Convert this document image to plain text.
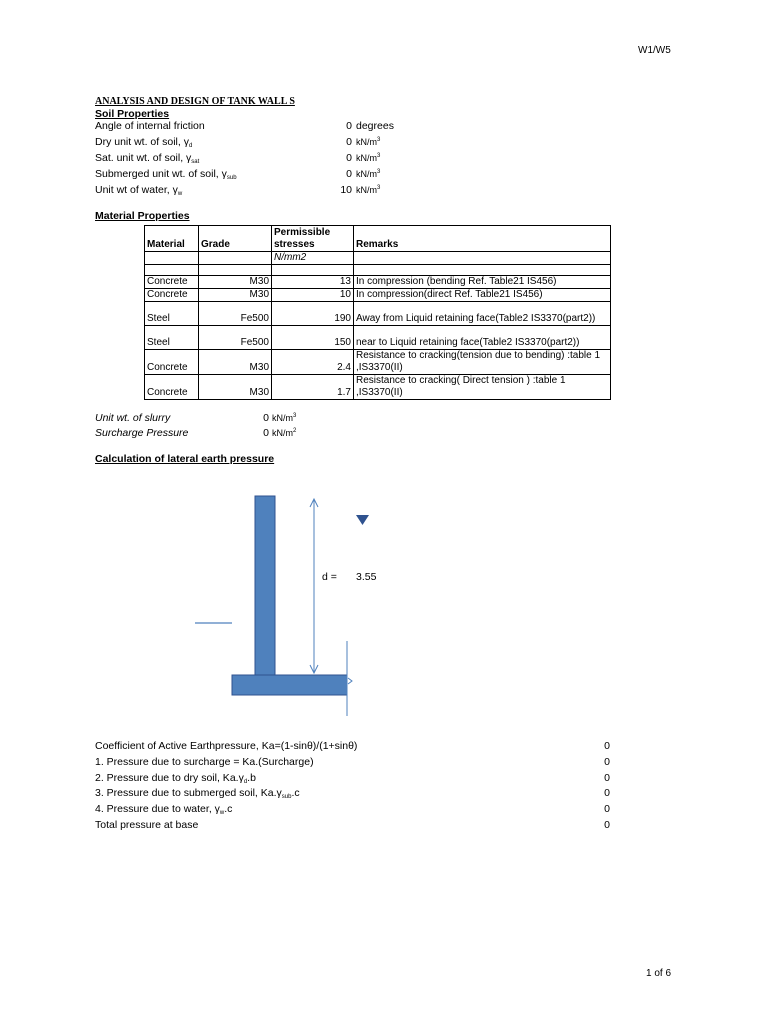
W1/W5
ANALYSIS AND DESIGN OF TANK WALL S
Soil Properties
Angle of internal friction	0 degrees
Dry unit wt. of soil, $\gamma_d$	0 $kN/m^3$
Sat. unit wt. of soil, $\gamma_{sat}$	0 $kN/m^3$
Submerged unit wt. of soil, $\gamma_{sub}$	0 $kN/m^3$
Unit wt of water, $\gamma_w$	10 $kN/m^3$
Material Properties
Material	Grade	Permissible stresses	Remarks
		N/mm2	

Concrete	M30	13	In compression (bending Ref. Table21 IS456)
Concrete	M30	10	In compression(direct Ref. Table21 IS456)
Steel	Fe500	190	Away from Liquid retaining face(Table2 IS3370(part2))
Steel	Fe500	150	near to Liquid retaining face(Table2 IS3370(part2))
Concrete	M30	2.4	Resistance to cracking(tension due to bending) :table 1 ,IS3370(II)
Concrete	M30	1.7	Resistance to cracking( Direct tension ) :table 1 ,IS3370(II)
Unit wt. of slurry	0 $kN/m^3$
Surcharge Pressure	0 $kN/m^2$
Calculation of lateral earth pressure
d = 3.55
Coefficient of Active Earthpressure, Ka=(1-sinθ)/(1+sinθ)	0
1. Pressure due to surcharge = Ka.(Surcharge)	0
2. Pressure due to dry soil, $Ka.\gamma_d.b$	0
3. Pressure due to submerged soil, $Ka.\gamma_{sub}.c$	0
4. Pressure due to water, $\gamma_w.c$	0
Total pressure at base	0
1 of 6
